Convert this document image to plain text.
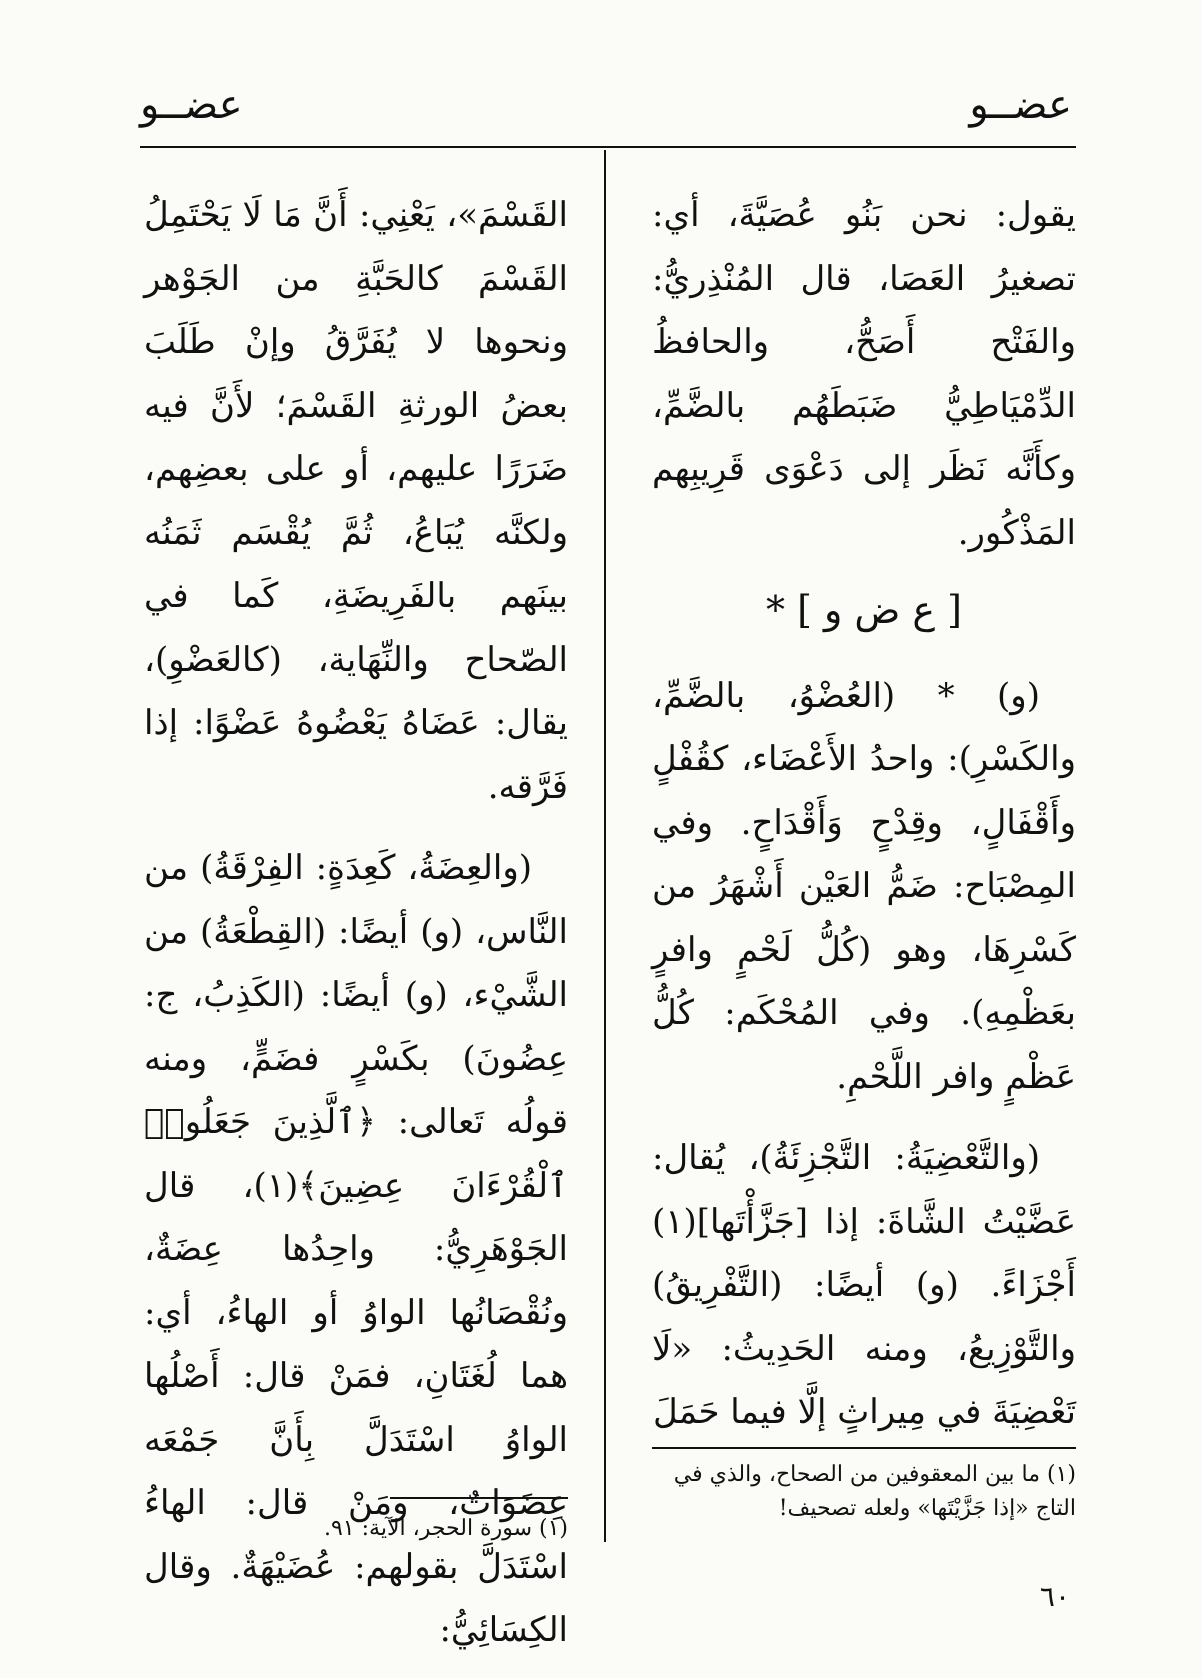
عضــو
عضــو

يقول: نحن بَنُو عُصَيَّةَ، أي: تصغيرُ العَصَا، قال المُنْذِريُّ: والفَتْح أَصَحُّ، والحافظُ الدِّمْيَاطِيُّ ضَبَطَهُم بالضَّمِّ، وكأَنَّه نَظَر إلى دَعْوَى قَرِيبِهم المَذْكُور.

[ ع ض و ] *

(و) * (العُضْوُ، بالضَّمِّ، والكَسْرِ): واحدُ الأَعْضَاء، كقُفْلٍ وأَقْفَالٍ، وقِدْحٍ وَأَقْدَاحٍ. وفي المِصْبَاح: ضَمُّ العَيْن أَشْهَرُ من كَسْرِهَا، وهو (كُلُّ لَحْمٍ وافرٍ بعَظْمِهِ). وفي المُحْكَم: كُلُّ عَظْمٍ وافر اللَّحْمِ.

(والتَّعْضِيَةُ: التَّجْزِئَةُ)، يُقال: عَضَّيْتُ الشَّاةَ: إذا [جَزَّأْتَها](١) أَجْزَاءً. (و) أيضًا: (التَّفْرِيقُ) والتَّوْزِيعُ، ومنه الحَدِيثُ: «لَا تَعْضِيَةَ في مِيراثٍ إلَّا فيما حَمَلَ

القَسْمَ»، يَعْنِي: أَنَّ مَا لَا يَحْتَمِلُ القَسْمَ كالحَبَّةِ من الجَوْهر ونحوها لا يُفَرَّقُ وإنْ طَلَبَ بعضُ الورثةِ القَسْمَ؛ لأَنَّ فيه ضَرَرًا عليهم، أو على بعضِهم، ولكنَّه يُبَاعُ، ثُمَّ يُقْسَم ثَمَنُه بينَهم بالفَرِيضَةِ، كَما في الصّحاح والنِّهَاية، (كالعَضْوِ)، يقال: عَضَاهُ يَعْضُوهُ عَضْوًا: إذا فَرَّقه.

(والعِضَةُ، كَعِدَةٍ: الفِرْقَةُ) من النَّاس، (و) أيضًا: (القِطْعَةُ) من الشَّيْء، (و) أيضًا: (الكَذِبُ، ج: عِضُونَ) بكَسْرٍ فضَمٍّ، ومنه قولُه تَعالى: ﴿ٱلَّذِينَ جَعَلُوا۟ ٱلْقُرْءَانَ عِضِينَ﴾(١)، قال الجَوْهَرِيُّ: واحِدُها عِضَةٌ، ونُقْصَانُها الواوُ أو الهاءُ، أي: هما لُغَتَانِ، فمَنْ قال: أَصْلُها الواوُ اسْتَدَلَّ بِأَنَّ جَمْعَه عِضَوَاتٌ، ومَنْ قال: الهاءُ اسْتَدَلَّ بقولهم: عُضَيْهَةٌ. وقال الكِسَائِيُّ:

(١) ما بين المعقوفين من الصحاح، والذي في التاج «إذا جَزَّيْتَها» ولعله تصحيف!
(١) سورة الحجر، الآية: ٩١.
٦٠
